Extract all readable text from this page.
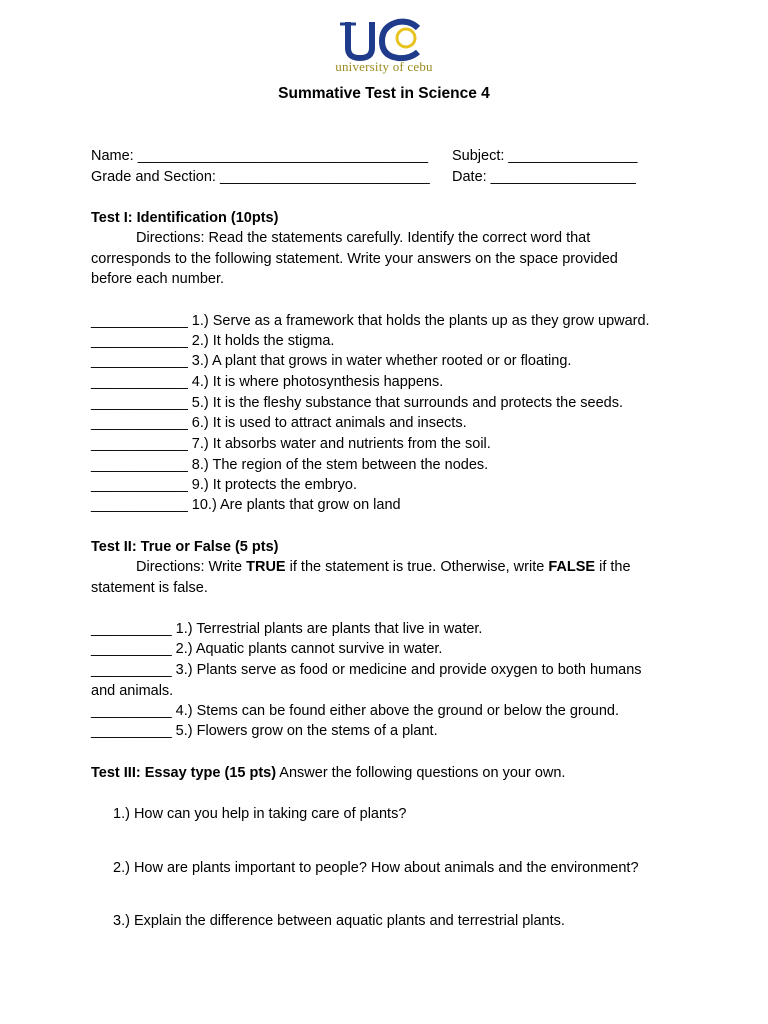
university of cebu
Summative Test in Science 4
Name: ____________________________________ Subject: ________________
Grade and Section: __________________________ Date: __________________
Test I: Identification (10pts)
Directions: Read the statements carefully. Identify the correct word that corresponds to the following statement. Write your answers on the space provided before each number.
____________ 1.) Serve as a framework that holds the plants up as they grow upward.
____________ 2.) It holds the stigma.
____________ 3.) A plant that grows in water whether rooted or or floating.
____________ 4.) It is where photosynthesis happens.
____________ 5.) It is the fleshy substance that surrounds and protects the seeds.
____________ 6.) It is used to attract animals and insects.
____________ 7.) It absorbs water and nutrients from the soil.
____________ 8.) The region of the stem between the nodes.
____________ 9.) It protects the embryo.
____________ 10.) Are plants that grow on land
Test II: True or False (5 pts)
Directions: Write TRUE if the statement is true. Otherwise, write FALSE if the statement is false.
__________ 1.) Terrestrial plants are plants that live in water.
__________ 2.) Aquatic plants cannot survive in water.
__________ 3.) Plants serve as food or medicine and provide oxygen to both humans and animals.
__________ 4.) Stems can be found either above the ground or below the ground.
__________ 5.) Flowers grow on the stems of a plant.
Test III: Essay type (15 pts) Answer the following questions on your own.
1.) How can you help in taking care of plants?
2.) How are plants important to people? How about animals and the environment?
3.) Explain the difference between aquatic plants and terrestrial plants.
